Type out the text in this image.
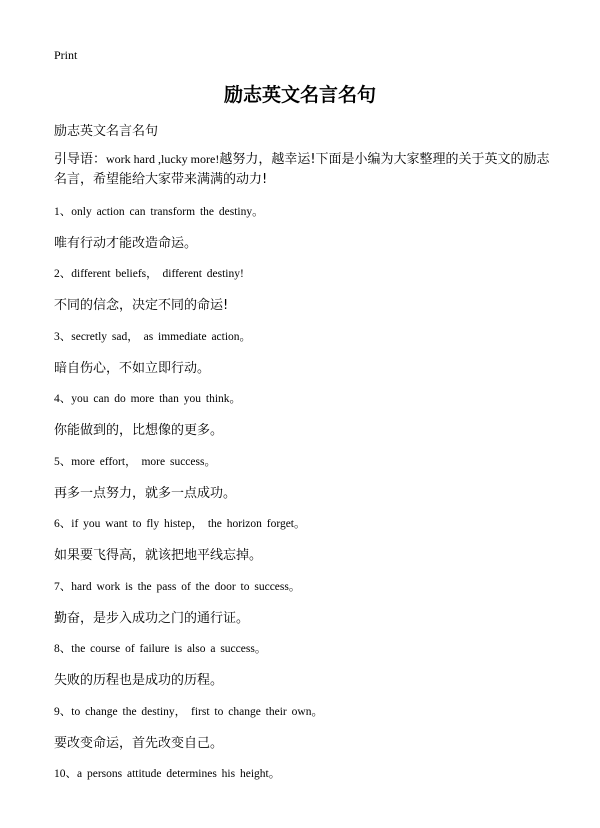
Print
励志英文名言名句
励志英文名言名句
引导语：work hard ,lucky more!越努力，越幸运!下面是小编为大家整理的关于英文的励志名言，希望能给大家带来满满的动力!
1、only action can transform the destiny。
唯有行动才能改造命运。
2、different beliefs， different destiny!
不同的信念，决定不同的命运!
3、secretly sad， as immediate action。
暗自伤心，不如立即行动。
4、you can do more than you think。
你能做到的，比想像的更多。
5、more effort， more success。
再多一点努力，就多一点成功。
6、if you want to fly histep， the horizon forget。
如果要飞得高，就该把地平线忘掉。
7、hard work is the pass of the door to success。
勤奋，是步入成功之门的通行证。
8、the course of failure is also a success。
失败的历程也是成功的历程。
9、to change the destiny， first to change their own。
要改变命运，首先改变自己。
10、a persons attitude determines his height。
